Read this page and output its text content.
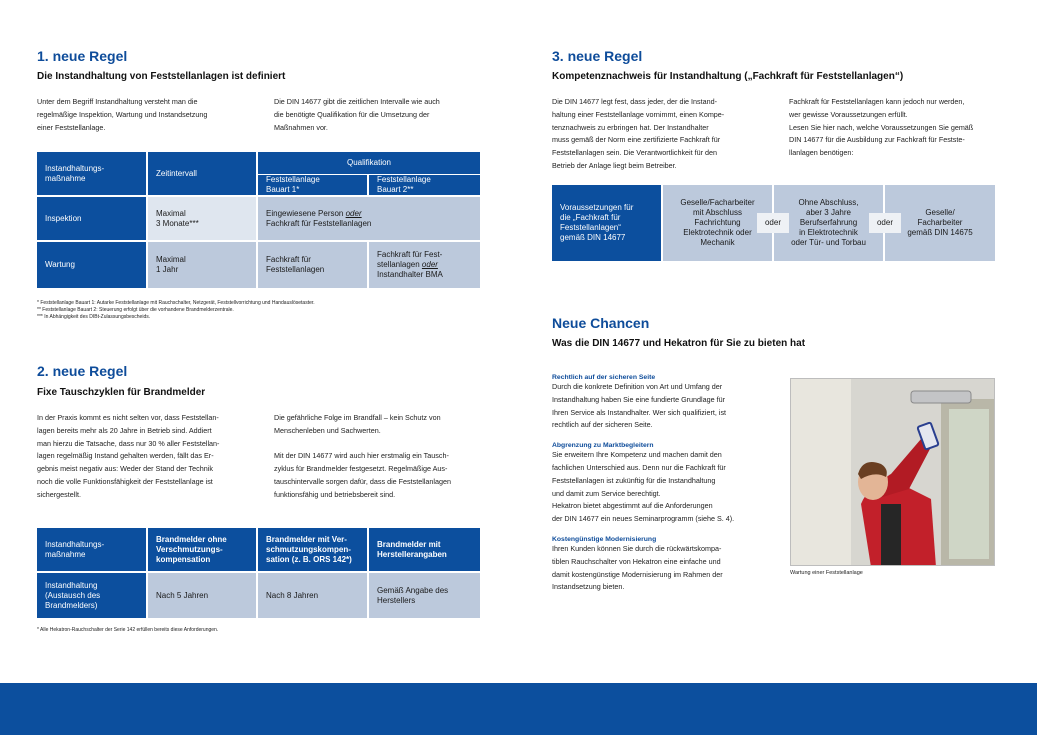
1. neue Regel
Die Instandhaltung von Feststellanlagen ist definiert
Unter dem Begriff Instandhaltung versteht man die
regelmäßige Inspektion, Wartung und Instandsetzung
einer Feststellanlage.
Die DIN 14677 gibt die zeitlichen Intervalle wie auch
die benötigte Qualifikation für die Umsetzung der
Maßnahmen vor.
Instandhaltungs-
maßnahme
Zeitintervall
Qualifikation
Feststellanlage
Bauart 1*
Feststellanlage
Bauart 2**
Inspektion
Maximal
3 Monate***
Eingewiesene Person oder
Fachkraft für Feststellanlagen
Wartung
Maximal
1 Jahr
Fachkraft für
Feststellanlagen
Fachkraft für Fest-
stellanlagen oder
Instandhalter BMA
* Feststellanlage Bauart 1: Autarke Feststellanlage mit Rauchschalter, Netzgerät, Feststellvorrichtung und Handauslösetaster.
** Feststellanlage Bauart 2: Steuerung erfolgt über die vorhandene Brandmelderzentrale.
*** In Abhängigkeit des DIBt-Zulassungsbescheids.
2. neue Regel
Fixe Tauschzyklen für Brandmelder
In der Praxis kommt es nicht selten vor, dass Feststellan-
lagen bereits mehr als 20 Jahre in Betrieb sind. Addiert
man hierzu die Tatsache, dass nur 30 % aller Feststellan-
lagen regelmäßig Instand gehalten werden, fällt das Er-
gebnis meist negativ aus: Weder der Stand der Technik
noch die volle Funktionsfähigkeit der Feststellanlage ist
sichergestellt.
Die gefährliche Folge im Brandfall – kein Schutz von
Menschenleben und Sachwerten.
Mit der DIN 14677 wird auch hier erstmalig ein Tausch-
zyklus für Brandmelder festgesetzt. Regelmäßige Aus-
tauschintervalle sorgen dafür, dass die Feststellanlagen
funktionsfähig und betriebsbereit sind.
Instandhaltungs-
maßnahme
Brandmelder ohne
Verschmutzungs-
kompensation
Brandmelder mit Ver-
schmutzungskompen-
sation (z. B. ORS 142*)
Brandmelder mit
Herstellerangaben
Instandhaltung
(Austausch des
Brandmelders)
Nach 5 Jahren	Nach 8 Jahren
Gemäß Angabe des
Herstellers
* Alle Hekatron-Rauchschalter der Serie 142 erfüllen bereits diese Anforderungen.
3. neue Regel
Kompetenznachweis für Instandhaltung („Fachkraft für Feststellanlagen“)
Die DIN 14677 legt fest, dass jeder, der die Instand-
haltung einer Feststellanlage vornimmt, einen Kompe-
tenznachweis zu erbringen hat. Der Instandhalter
muss gemäß der Norm eine zertifizierte Fachkraft für
Feststellanlagen sein. Die Verantwortlichkeit für den
Betrieb der Anlage liegt beim Betreiber.
Fachkraft für Feststellanlagen kann jedoch nur werden,
wer gewisse Voraussetzungen erfüllt.
Lesen Sie hier nach, welche Voraussetzungen Sie gemäß
DIN 14677 für die Ausbildung zur Fachkraft für Festste-
llanlagen benötigen:
Voraussetzungen für
die „Fachkraft für
Feststellanlagen“
gemäß DIN 14677
Geselle/Facharbeiter
mit Abschluss
Fachrichtung
Elektrotechnik oder
Mechanik
Ohne Abschluss,
aber 3 Jahre
Berufserfahrung
in Elektrotechnik
oder Tür- und Torbau
Geselle/
Facharbeiter
gemäß DIN 14675
oder	oder
Neue Chancen
Was die DIN 14677 und Hekatron für Sie zu bieten hat
Rechtlich auf der sicheren Seite
Durch die konkrete Definition von Art und Umfang der
Instandhaltung haben Sie eine fundierte Grundlage für
Ihren Service als Instandhalter. Wer sich qualifiziert, ist
rechtlich auf der sicheren Seite.
Abgrenzung zu Marktbegleitern
Sie erweitern Ihre Kompetenz und machen damit den
fachlichen Unterschied aus. Denn nur die Fachkraft für
Feststellanlagen ist zukünftig für die Instandhaltung
und damit zum Service berechtigt.
Hekatron bietet abgestimmt auf die Anforderungen
der DIN 14677 ein neues Seminarprogramm (siehe S. 4).
Kostengünstige Modernisierung
Ihren Kunden können Sie durch die rückwärtskompa-
tiblen Rauchschalter von Hekatron eine einfache und
damit kostengünstige Modernisierung im Rahmen der
Instandsetzung bieten.
Wartung einer Feststellanlage
